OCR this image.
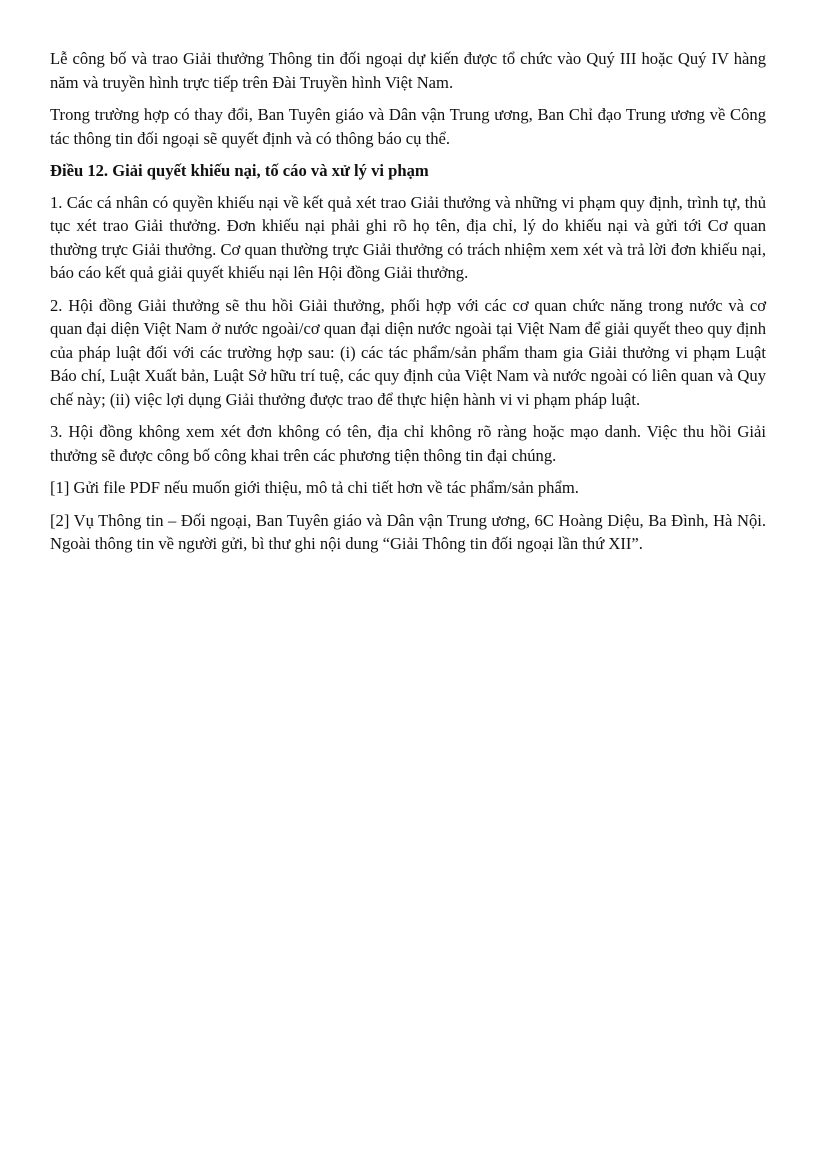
Lễ công bố và trao Giải thưởng Thông tin đối ngoại dự kiến được tổ chức vào Quý III hoặc Quý IV hàng năm và truyền hình trực tiếp trên Đài Truyền hình Việt Nam.

Trong trường hợp có thay đổi, Ban Tuyên giáo và Dân vận Trung ương, Ban Chỉ đạo Trung ương về Công tác thông tin đối ngoại sẽ quyết định và có thông báo cụ thể.

Điều 12. Giải quyết khiếu nại, tố cáo và xử lý vi phạm

1. Các cá nhân có quyền khiếu nại về kết quả xét trao Giải thưởng và những vi phạm quy định, trình tự, thủ tục xét trao Giải thưởng. Đơn khiếu nại phải ghi rõ họ tên, địa chỉ, lý do khiếu nại và gửi tới Cơ quan thường trực Giải thưởng. Cơ quan thường trực Giải thưởng có trách nhiệm xem xét và trả lời đơn khiếu nại, báo cáo kết quả giải quyết khiếu nại lên Hội đồng Giải thưởng.

2. Hội đồng Giải thưởng sẽ thu hồi Giải thưởng, phối hợp với các cơ quan chức năng trong nước và cơ quan đại diện Việt Nam ở nước ngoài/cơ quan đại diện nước ngoài tại Việt Nam để giải quyết theo quy định của pháp luật đối với các trường hợp sau: (i) các tác phẩm/sản phẩm tham gia Giải thưởng vi phạm Luật Báo chí, Luật Xuất bản, Luật Sở hữu trí tuệ, các quy định của Việt Nam và nước ngoài có liên quan và Quy chế này; (ii) việc lợi dụng Giải thưởng được trao để thực hiện hành vi vi phạm pháp luật.

3. Hội đồng không xem xét đơn không có tên, địa chỉ không rõ ràng hoặc mạo danh. Việc thu hồi Giải thưởng sẽ được công bố công khai trên các phương tiện thông tin đại chúng.

[1] Gửi file PDF nếu muốn giới thiệu, mô tả chi tiết hơn về tác phẩm/sản phẩm.

[2] Vụ Thông tin – Đối ngoại, Ban Tuyên giáo và Dân vận Trung ương, 6C Hoàng Diệu, Ba Đình, Hà Nội. Ngoài thông tin về người gửi, bì thư ghi nội dung “Giải Thông tin đối ngoại lần thứ XII”.
